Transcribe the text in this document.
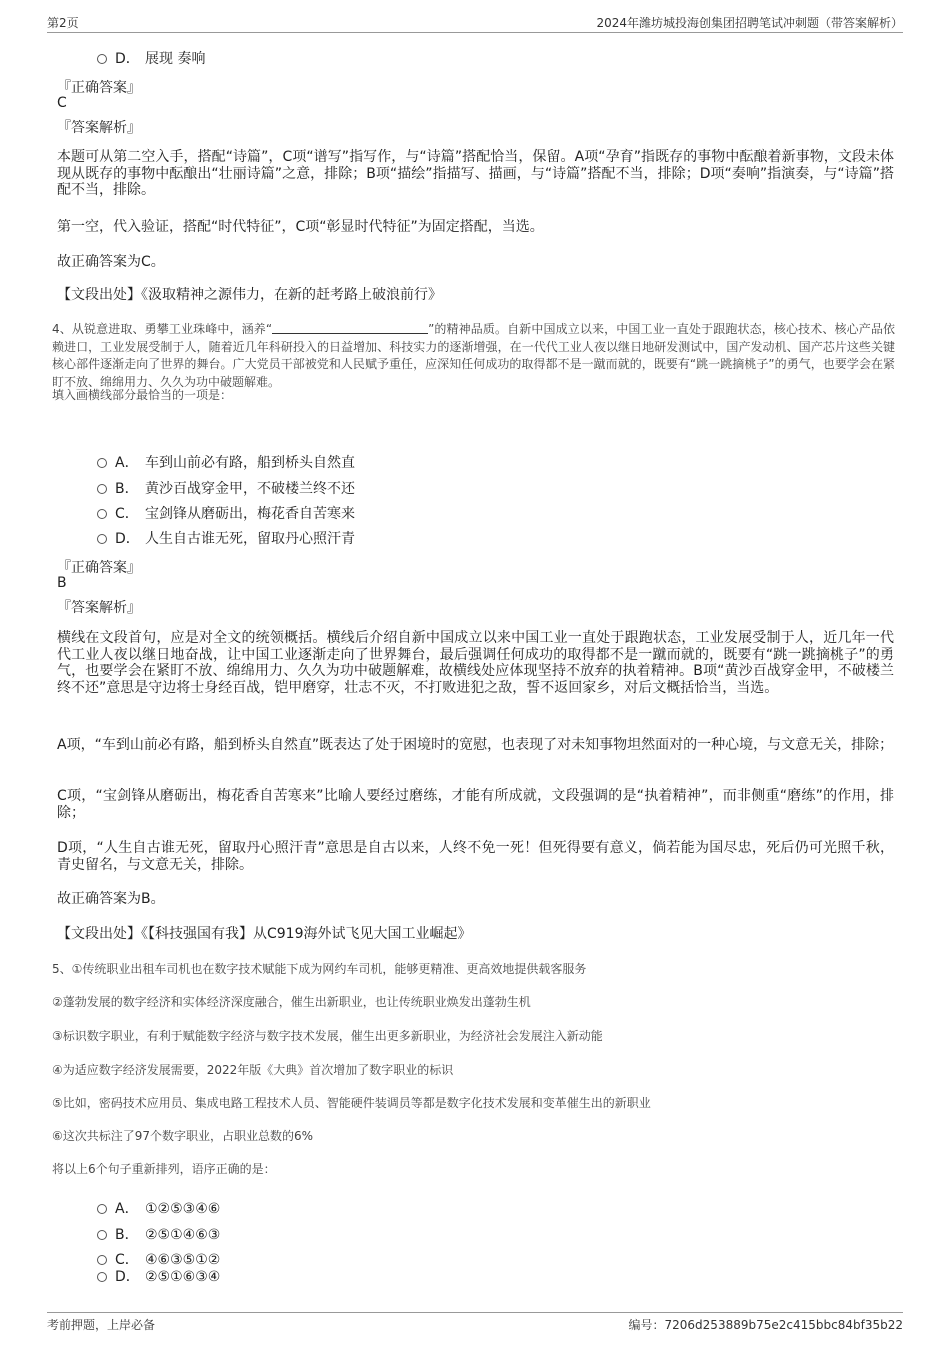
第2页	2024年潍坊城投海创集团招聘笔试冲刺题（带答案解析）
D． 展现 奏响
『正确答案』
C
『答案解析』
本题可从第二空入手，搭配“诗篇”，C项“谱写”指写作，与“诗篇”搭配恰当，保留。A项“孕育”指既存的事物中酝酿着新事物，文段未体现从既存的事物中酝酿出“壮丽诗篇”之意，排除；B项“描绘”指描写、描画，与“诗篇”搭配不当，排除；D项“奏响”指演奏，与“诗篇”搭配不当，排除。
第一空，代入验证，搭配“时代特征”，C项“彰显时代特征”为固定搭配，当选。
故正确答案为C。
【文段出处】《汲取精神之源伟力，在新的赶考路上破浪前行》
4、从锐意进取、勇攀工业珠峰中，涵养“	”的精神品质。自新中国成立以来，中国工业一直处于跟跑状态，核心技术、核心产品依赖进口，工业发展受制于人，随着近几年科研投入的日益增加、科技实力的逐渐增强，在一代代工业人夜以继日地研发测试中，国产发动机、国产芯片这些关键核心部件逐渐走向了世界的舞台。广大党员干部被党和人民赋予重任，应深知任何成功的取得都不是一蹴而就的，既要有“跳一跳摘桃子”的勇气，也要学会在紧盯不放、绵绵用力、久久为功中破题解难。
填入画横线部分最恰当的一项是：
A． 车到山前必有路，船到桥头自然直
B． 黄沙百战穿金甲，不破楼兰终不还
C． 宝剑锋从磨砺出，梅花香自苦寒来
D． 人生自古谁无死，留取丹心照汗青
『正确答案』
B
『答案解析』
横线在文段首句，应是对全文的统领概括。横线后介绍自新中国成立以来中国工业一直处于跟跑状态，工业发展受制于人，近几年一代代工业人夜以继日地奋战，让中国工业逐渐走向了世界舞台，最后强调任何成功的取得都不是一蹴而就的，既要有“跳一跳摘桃子”的勇气，也要学会在紧盯不放、绵绵用力、久久为功中破题解难，故横线处应体现坚持不放弃的执着精神。B项“黄沙百战穿金甲，不破楼兰终不还”意思是守边将士身经百战，铠甲磨穿，壮志不灭，不打败进犯之敌，誓不返回家乡，对后文概括恰当，当选。
A项，“车到山前必有路，船到桥头自然直”既表达了处于困境时的宽慰，也表现了对未知事物坦然面对的一种心境，与文意无关，排除；
C项，“宝剑锋从磨砺出，梅花香自苦寒来”比喻人要经过磨练，才能有所成就，文段强调的是“执着精神”，而非侧重“磨练”的作用，排除；
D项，“人生自古谁无死，留取丹心照汗青”意思是自古以来，人终不免一死！但死得要有意义，倘若能为国尽忠，死后仍可光照千秋，青史留名，与文意无关，排除。
故正确答案为B。
【文段出处】《【科技强国有我】从C919海外试飞见大国工业崛起》
5、①传统职业出租车司机也在数字技术赋能下成为网约车司机，能够更精准、更高效地提供载客服务
②蓬勃发展的数字经济和实体经济深度融合，催生出新职业，也让传统职业焕发出蓬勃生机
③标识数字职业，有利于赋能数字经济与数字技术发展，催生出更多新职业，为经济社会发展注入新动能
④为适应数字经济发展需要，2022年版《大典》首次增加了数字职业的标识
⑤比如，密码技术应用员、集成电路工程技术人员、智能硬件装调员等都是数字化技术发展和变革催生出的新职业
⑥这次共标注了97个数字职业，占职业总数的6%
将以上6个句子重新排列，语序正确的是：
A． ①②⑤③④⑥
B． ②⑤①④⑥③
C． ④⑥③⑤①②
D． ②⑤①⑥③④
考前押题，上岸必备	编号：7206d253889b75e2c415bbc84bf35b22
